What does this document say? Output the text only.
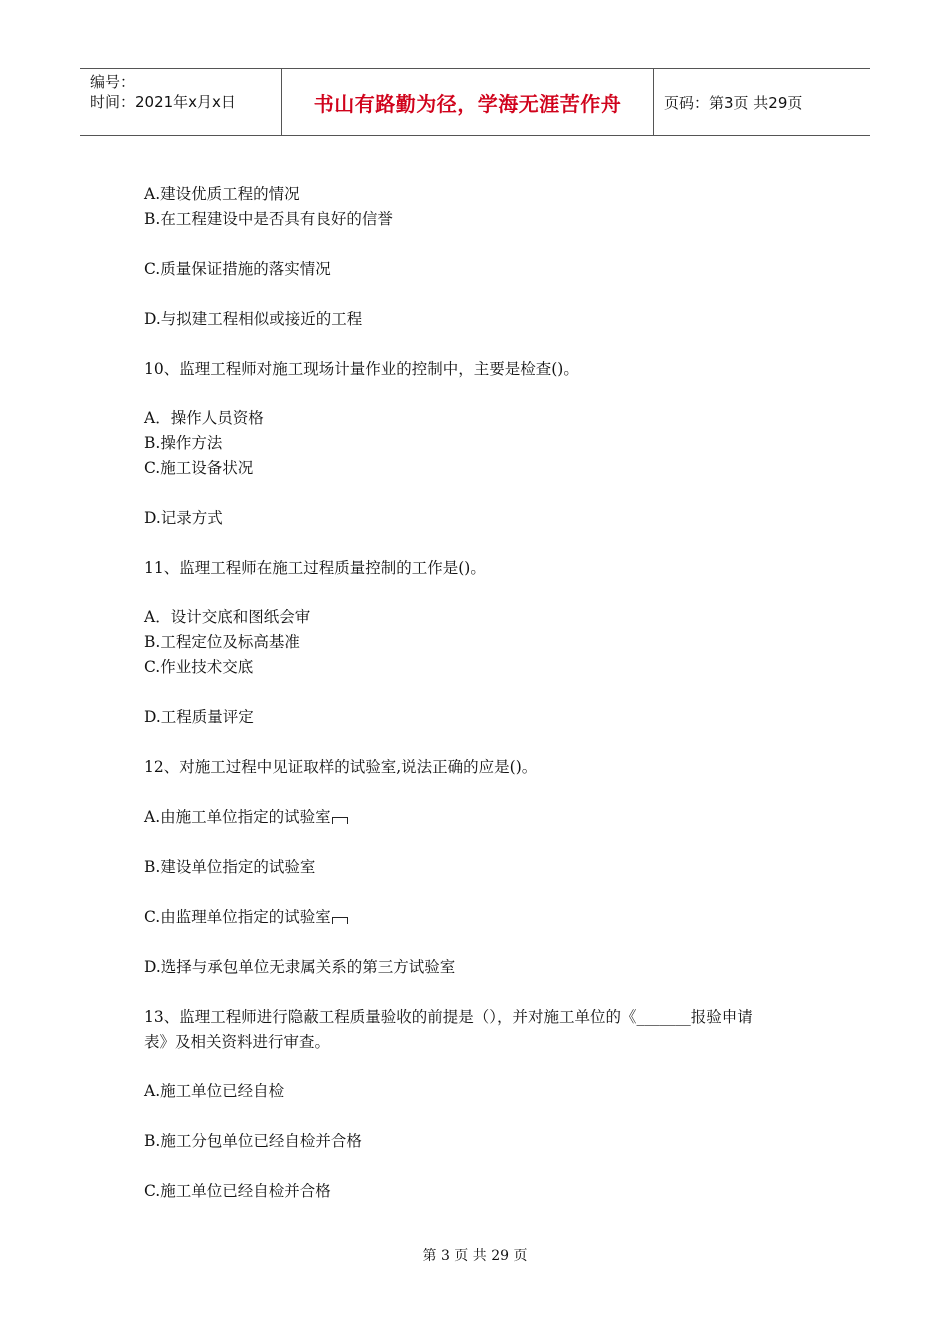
编号：
时间：2021年x月x日	书山有路勤为径，学海无涯苦作舟	页码：第3页 共29页
A.建设优质工程的情况
B.在工程建设中是否具有良好的信誉
C.质量保证措施的落实情况
D.与拟建工程相似或接近的工程
10、监理工程师对施工现场计量作业的控制中，主要是检查()。
A．操作人员资格
B.操作方法
C.施工设备状况
D.记录方式
11、监理工程师在施工过程质量控制的工作是()。
A．设计交底和图纸会审
B.工程定位及标高基准
C.作业技术交底
D.工程质量评定
12、对施工过程中见证取样的试验室,说法正确的应是()。
A.由施工单位指定的试验室
B.建设单位指定的试验室
C.由监理单位指定的试验室
D.选择与承包单位无隶属关系的第三方试验室
13、监理工程师进行隐蔽工程质量验收的前提是（），并对施工单位的《_______报验申请
表》及相关资料进行审查。
A.施工单位已经自检
B.施工分包单位已经自检并合格
C.施工单位已经自检并合格
第 3 页 共 29 页
